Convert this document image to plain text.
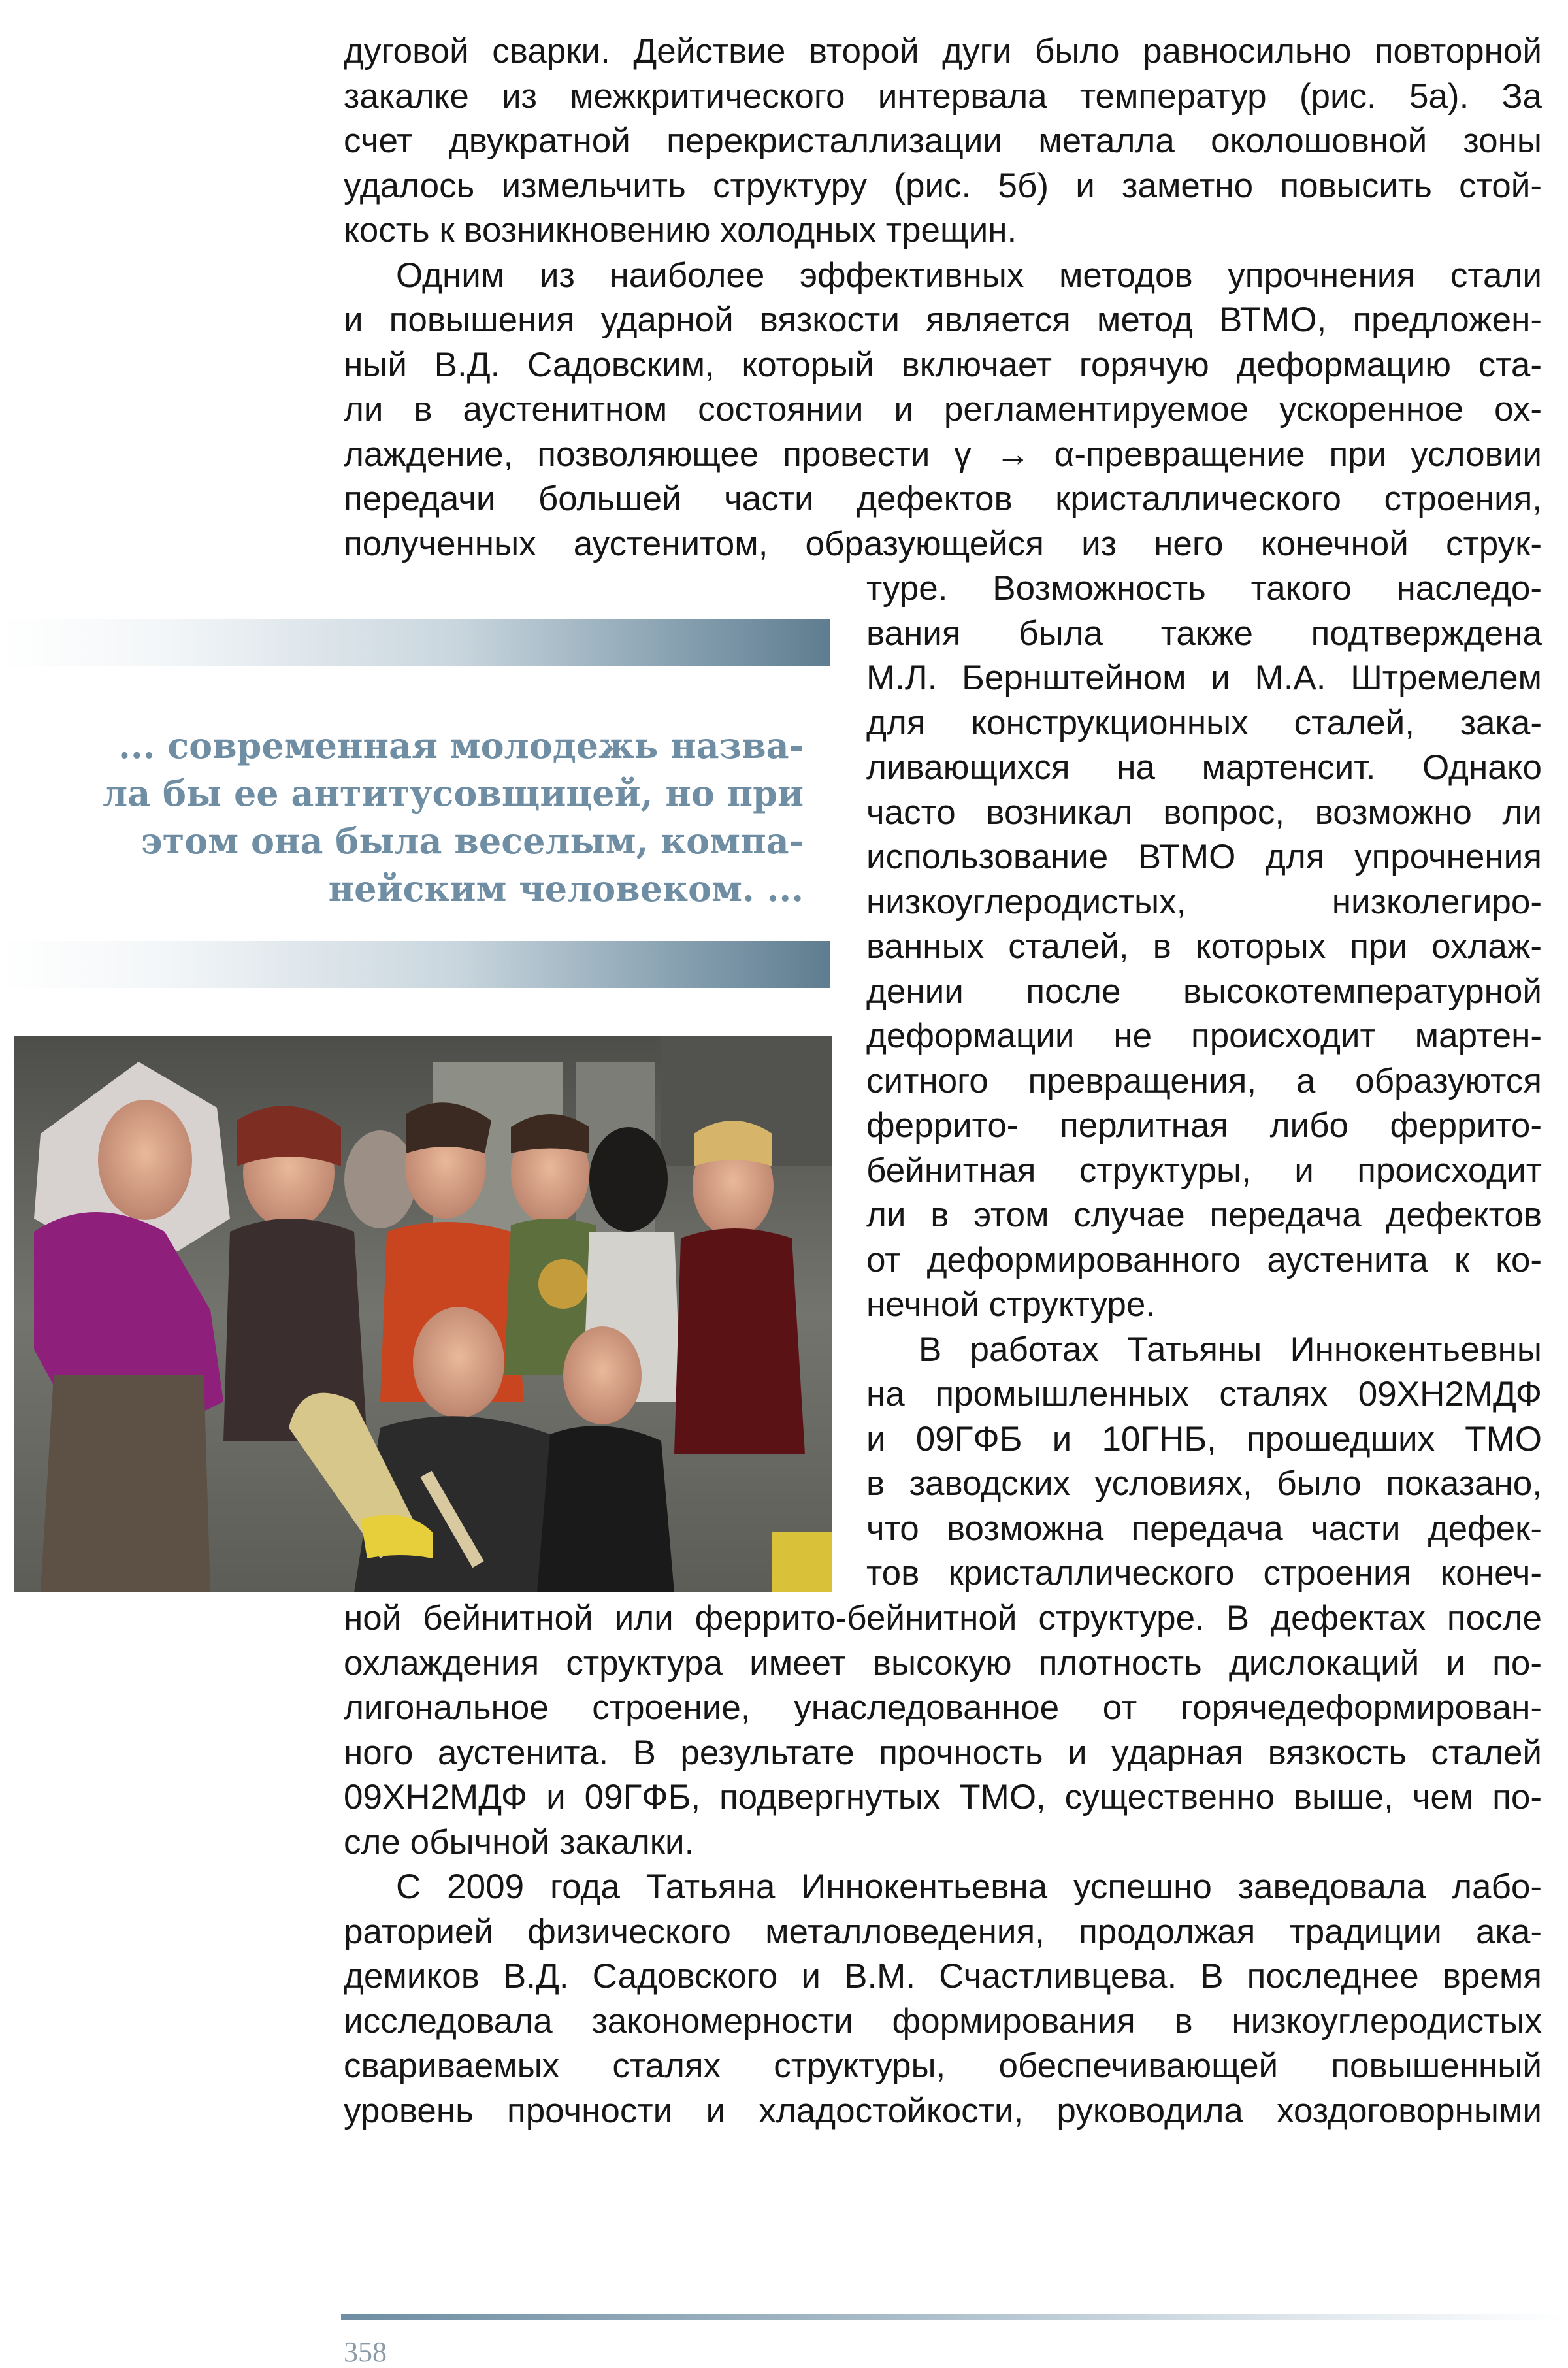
дуговой сварки. Действие второй дуги было равносильно повторной
закалке из межкритического интервала температур (рис. 5а). За
счет двукратной перекристаллизации металла околошовной зоны
удалось измельчить структуру (рис. 5б) и заметно повысить стой-
кость к возникновению холодных трещин.
Одним из наиболее эффективных методов упрочнения стали
и повышения ударной вязкости является метод ВТМО, предложен-
ный В.Д. Садовским, который включает горячую деформацию ста-
ли в аустенитном состоянии и регламентируемое ускоренное ох-
лаждение, позволяющее провести γ → α-превращение при условии
передачи большей части дефектов кристаллического строения,
полученных аустенитом, образующейся из него конечной струк-
туре. Возможность такого наследо-
вания была также подтверждена
М.Л. Бернштейном и М.А. Штремелем
для конструкционных сталей, зака-
ливающихся на мартенсит. Однако
часто возникал вопрос, возможно ли
использование ВТМО для упрочнения
низкоуглеродистых, низколегиро-
ванных сталей, в которых при охлаж-
дении после высокотемпературной
деформации не происходит мартен-
ситного превращения, а образуются
феррито- перлитная либо феррито-
бейнитная структуры, и происходит
ли в этом случае передача дефектов
от деформированного аустенита к ко-
нечной структуре.
В работах Татьяны Иннокентьевны
на промышленных сталях 09ХН2МДФ
и 09ГФБ и 10ГНБ, прошедших ТМО
в заводских условиях, было показано,
что возможна передача части дефек-
тов кристаллического строения конеч-
ной бейнитной или феррито-бейнитной структуре. В дефектах после
охлаждения структура имеет высокую плотность дислокаций и по-
лигональное строение, унаследованное от горячедеформирован-
ного аустенита. В результате прочность и ударная вязкость сталей
09ХН2МДФ и 09ГФБ, подвергнутых ТМО, существенно выше, чем по-
сле обычной закалки.
С 2009 года Татьяна Иннокентьевна успешно заведовала лабо-
раторией физического металловедения, продолжая традиции ака-
демиков В.Д. Садовского и В.М. Счастливцева. В последнее время
исследовала закономерности формирования в низкоуглеродистых
свариваемых сталях структуры, обеспечивающей повышенный
уровень прочности и хладостойкости, руководила хоздоговорными
... современная молодежь назва-
ла бы ее антитусовщицей, но при
этом она была веселым, компа-
нейским человеком. ...

358
